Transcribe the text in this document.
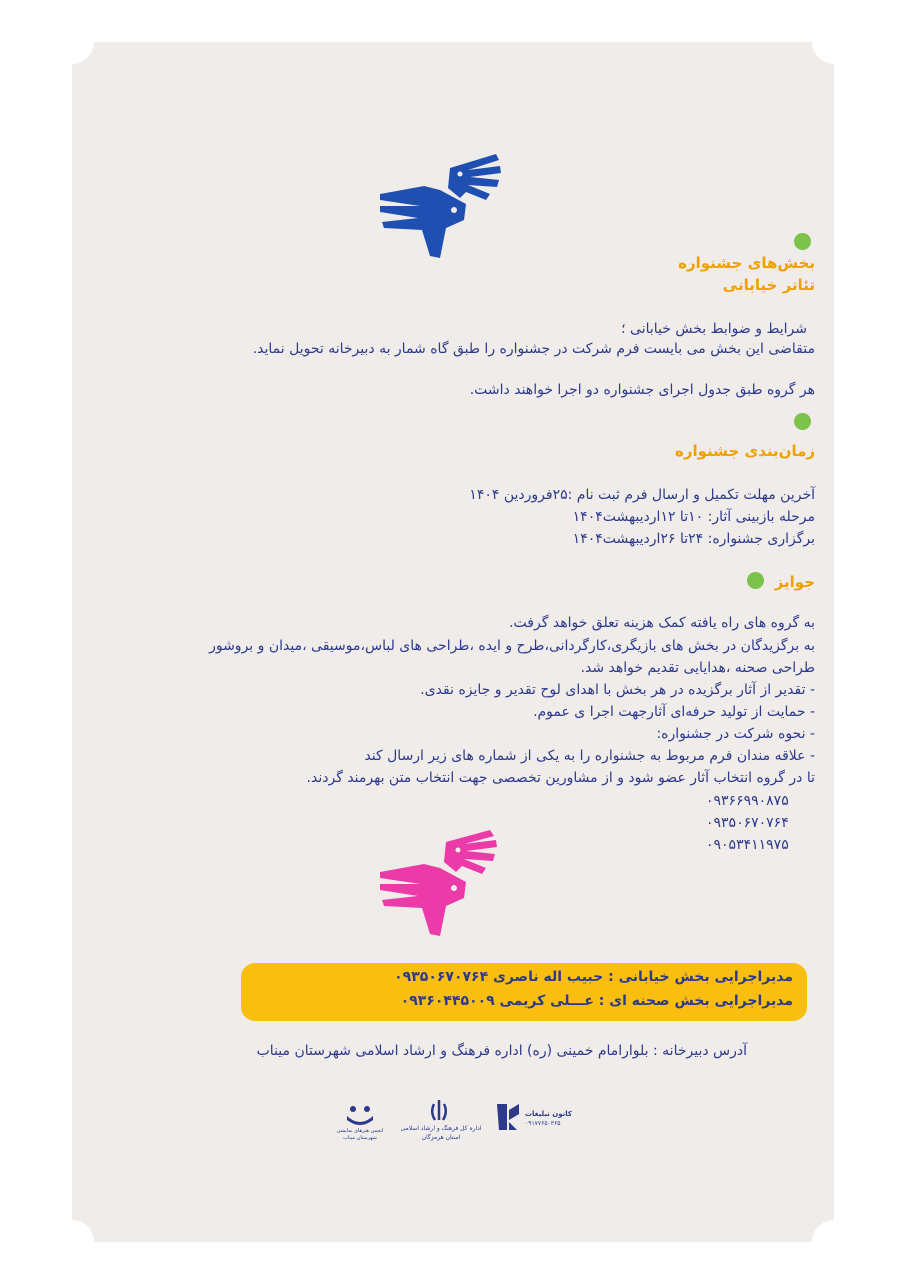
بخش‌های جشنواره
تئاتر خیابانی
شرایط و ضوابط بخش خیابانی ؛
متقاضی این بخش می بایست فرم شرکت در جشنواره را طبق گاه شمار به دبیرخانه تحویل نماید.
هر گروه طبق جدول اجرای جشنواره دو اجرا خواهند داشت.
زمان‌بندی جشنواره
آخرین مهلت تکمیل و ارسال فرم ثبت نام :۲۵فروردین ۱۴۰۴
مرحله بازبینی آثار: ۱۰تا ۱۲اردیبهشت۱۴۰۴
برگزاری جشنواره: ۲۴تا ۲۶اردیبهشت۱۴۰۴
جوایز
به گروه های راه یافته کمک هزینه تعلق خواهد گرفت.
به برگزیدگان در بخش های بازیگری،کارگردانی،طرح و ایده ،طراحی های لباس،موسیقی ،میدان و بروشور
طراحی صحنه ،هدایایی تقدیم خواهد شد.
- تقدیر از آثار برگزیده در هر بخش با اهدای لوح تقدیر و جایزه نقدی.
- حمایت از تولید حرفه‌ای آثارجهت اجرا ی عموم.
- نحوه شرکت در جشنواره:
- علاقه مندان فرم مربوط به جشنواره را به یکی از شماره های زیر ارسال کند
تا در گروه انتخاب آثار عضو شود و از مشاورین تخصصی جهت انتخاب متن بهرمند گردند.
۰۹۳۶۶۹۹۰۸۷۵
۰۹۳۵۰۶۷۰۷۶۴
۰۹۰۵۳۴۱۱۹۷۵
مدیراجرایی بخش خیابانی : حبیب اله ناصری ۰۹۳۵۰۶۷۰۷۶۴
مدیراجرایی بخش صحنه ای : عـــلی کریمی ۰۹۳۶۰۴۴۵۰۰۹
آدرس دبیرخانه : بلوارامام خمینی (ره) اداره فرهنگ و ارشاد اسلامی شهرستان میناب
کانون تبلیغات
۰۹۱۷۷۶۵۰۳۶۵
اداره کل فرهنگ و ارشاد اسلامی
استان هرمزگان
انجمن هنرهای نمایشی
شهرستان میناب
